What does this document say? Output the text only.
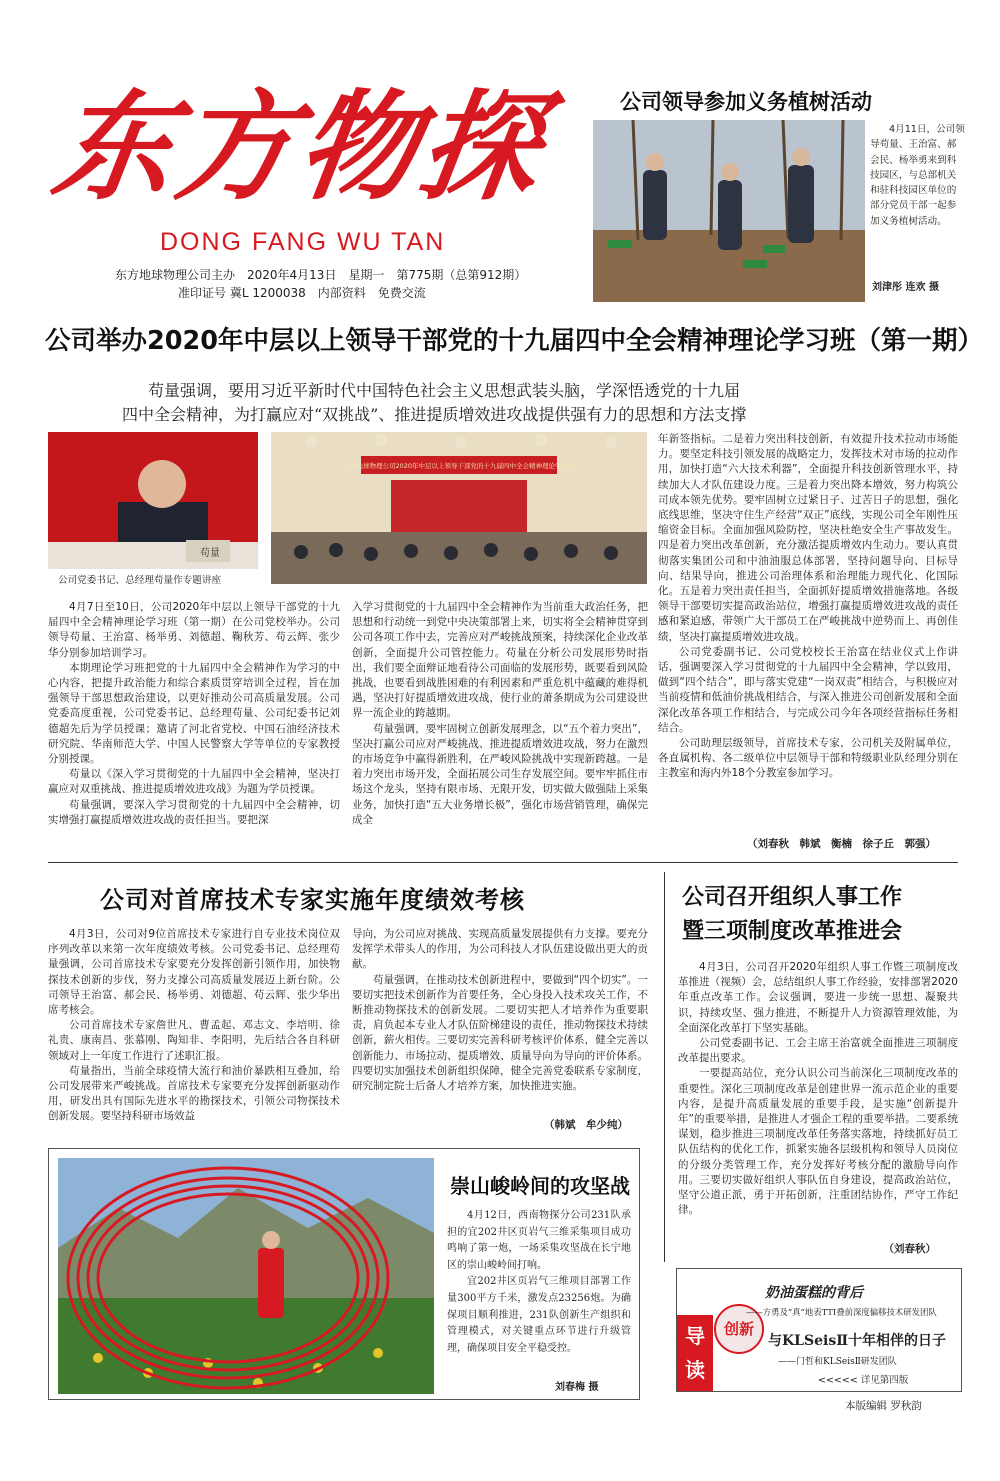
东方物探
DONG FANG WU TAN
东方地球物理公司主办　2020年4月13日　星期一　第775期（总第912期）
准印证号 冀L 1200038　内部资料　免费交流
公司领导参加义务植树活动
4月11日，公司领导苟量、王治富、郝会民、杨举勇来到科技园区，与总部机关和驻科技园区单位的部分党员干部一起参加义务植树活动。
刘津彤 连欢 摄
公司举办2020年中层以上领导干部党的十九届四中全会精神理论学习班（第一期）
苟量强调，要用习近平新时代中国特色社会主义思想武装头脑，学深悟透党的十九届
四中全会精神，为打赢应对“双挑战”、推进提质增效进攻战提供强有力的思想和方法支撑
苟量
公司党委书记、总经理苟量作专题讲座
东方地球物理公司2020年中层以上领导干部党的十九届四中全会精神理论学习班

4月7日至10日，公司2020年中层以上领导干部党的十九届四中全会精神理论学习班（第一期）在公司党校举办。公司领导苟量、王治富、杨举勇、刘德超、鞠秋芳、苟云辉、张少华分别参加培训学习。

本期理论学习班把党的十九届四中全会精神作为学习的中心内容，把提升政治能力和综合素质贯穿培训全过程，旨在加强领导干部思想政治建设，以更好推动公司高质量发展。公司党委高度重视，公司党委书记、总经理苟量、公司纪委书记刘德超先后为学员授课；邀请了河北省党校、中国石油经济技术研究院、华南师范大学、中国人民警察大学等单位的专家教授分别授课。

苟量以《深入学习贯彻党的十九届四中全会精神，坚决打赢应对双重挑战、推进提质增效进攻战》为题为学员授课。

苟量强调，要深入学习贯彻党的十九届四中全会精神，切实增强打赢提质增效进攻战的责任担当。要把深

入学习贯彻党的十九届四中全会精神作为当前重大政治任务，把思想和行动统一到党中央决策部署上来，切实将全会精神贯穿到公司各项工作中去，完善应对严峻挑战预案，持续深化企业改革创新，全面提升公司管控能力。苟量在分析公司发展形势时指出，我们要全面辩证地看待公司面临的发展形势，既要看到风险挑战，也要看到战胜困难的有利因素和严重危机中蕴藏的难得机遇，坚决打好提质增效进攻战，使行业的萧条期成为公司建设世界一流企业的跨越期。

苟量强调，要牢固树立创新发展理念，以“五个着力突出”，坚决打赢公司应对严峻挑战、推进提质增效进攻战，努力在激烈的市场竞争中赢得新胜利，在严峻风险挑战中实现新跨越。一是着力突出市场开发，全面拓展公司生存发展空间。要牢牢抓住市场这个龙头，坚持有限市场、无限开发，切实做大做强陆上采集业务，加快打造“五大业务增长极”，强化市场营销管理，确保完成全

年新签指标。二是着力突出科技创新，有效提升技术拉动市场能力。要坚定科技引领发展的战略定力，发挥技术对市场的拉动作用，加快打造“六大技术利器”，全面提升科技创新管理水平，持续加大人才队伍建设力度。三是着力突出降本增效，努力构筑公司成本领先优势。要牢固树立过紧日子、过苦日子的思想，强化底线思维，坚决守住生产经营“双正”底线，实现公司全年刚性压缩资金目标。全面加强风险防控，坚决杜绝安全生产事故发生。四是着力突出改革创新，充分激活提质增效内生动力。要认真贯彻落实集团公司和中油油服总体部署，坚持问题导向、目标导向、结果导向，推进公司治理体系和治理能力现代化、化国际化。五是着力突出责任担当，全面抓好提质增效措施落地。各级领导干部要切实提高政治站位，增强打赢提质增效进攻战的责任感和紧迫感，带领广大干部员工在严峻挑战中逆势而上、再创佳绩，坚决打赢提质增效进攻战。

公司党委副书记、公司党校校长王治富在结业仪式上作讲话，强调要深入学习贯彻党的十九届四中全会精神，学以致用，做到“四个结合”，即与落实党建“一岗双责”相结合，与积极应对当前疫情和低油价挑战相结合，与深入推进公司创新发展和全面深化改革各项工作相结合，与完成公司今年各项经营指标任务相结合。

公司助理层级领导，首席技术专家，公司机关及附属单位，各直属机构、各二级单位中层领导干部和特级职业队经理分别在主教室和海内外18个分教室参加学习。

（刘春秋　韩斌　衡楠　徐子丘　郭强）
公司对首席技术专家实施年度绩效考核

4月3日，公司对9位首席技术专家进行自专业技术岗位双序列改革以来第一次年度绩效考核。公司党委书记、总经理苟量强调，公司首席技术专家要充分发挥创新引领作用，加快物探技术创新的步伐，努力支撑公司高质量发展迈上新台阶。公司领导王治富、郝会民、杨举勇、刘德超、苟云辉、张少华出席考核会。

公司首席技术专家詹世凡、曹孟起、邓志文、李培明、徐礼贵、康南昌、张慕刚、陶知非、李阳明，先后结合各自科研领域对上一年度工作进行了述职汇报。

苟量指出，当前全球疫情大流行和油价暴跌相互叠加，给公司发展带来严峻挑战。首席技术专家要充分发挥创新驱动作用，研发出具有国际先进水平的勘探技术，引领公司物探技术创新发展。要坚持科研市场效益

导向，为公司应对挑战、实现高质量发展提供有力支撑。要充分发挥学术带头人的作用，为公司科技人才队伍建设做出更大的贡献。

苟量强调，在推动技术创新进程中，要做到“四个切实”。一要切实把技术创新作为首要任务，全心身投入技术攻关工作，不断推动物探技术的创新发展。二要切实把人才培养作为重要职责，肩负起本专业人才队伍阶梯建设的责任，推动物探技术持续创新，薪火相传。三要切实完善科研考核评价体系，健全完善以创新能力、市场拉动、提质增效、质量导向为导向的评价体系。四要切实加强技术创新组织保障，健全完善党委联系专家制度，研究制定院士后备人才培养方案，加快推进实施。

（韩斌　牟少纯）
公司召开组织人事工作
暨三项制度改革推进会

4月3日，公司召开2020年组织人事工作暨三项制度改革推进（视频）会，总结组织人事工作经验，安排部署2020年重点改革工作。会议强调，要进一步统一思想、凝聚共识，持续攻坚、强力推进，不断提升人力资源管理效能，为全面深化改革打下坚实基础。

公司党委副书记、工会主席王治富就全面推进三项制度改革提出要求。

一要提高站位，充分认识公司当前深化三项制度改革的重要性。深化三项制度改革是创建世界一流示范企业的重要内容，是提升高质量发展的重要手段，是实施“创新提升年”的重要举措，是推进人才强企工程的重要举措。二要系统谋划，稳步推进三项制度改革任务落实落地，持续抓好员工队伍结构的优化工作，抓紧实施各层级机构和领导人员岗位的分级分类管理工作，充分发挥好考核分配的激励导向作用。三要切实做好组织人事队伍自身建设，提高政治站位，坚守公道正派，勇于开拓创新，注重团结协作，严守工作纪律。

（刘春秋）
崇山峻岭间的攻坚战

4月12日，西南物探分公司231队承担的宜202井区页岩气三维采集项目成功鸣响了第一炮，一场采集攻坚战在长宁地区的崇山峻岭间打响。

宜202井区页岩气三维项目部署工作量300平方千米，激发点23256炮。为确保项目顺利推进，231队创新生产组织和管理模式，对关键重点环节进行升级管理，确保项目安全平稳受控。

刘春梅 摄
导
读
创新
奶油蛋糕的背后
——方勇及“真”地表TTI叠前深度偏移技术研发团队
与KLSeisⅡ十年相伴的日子
——门哲和KLSeisⅡ研发团队
<<<<< 详见第四版
本版编辑 罗秋韵
